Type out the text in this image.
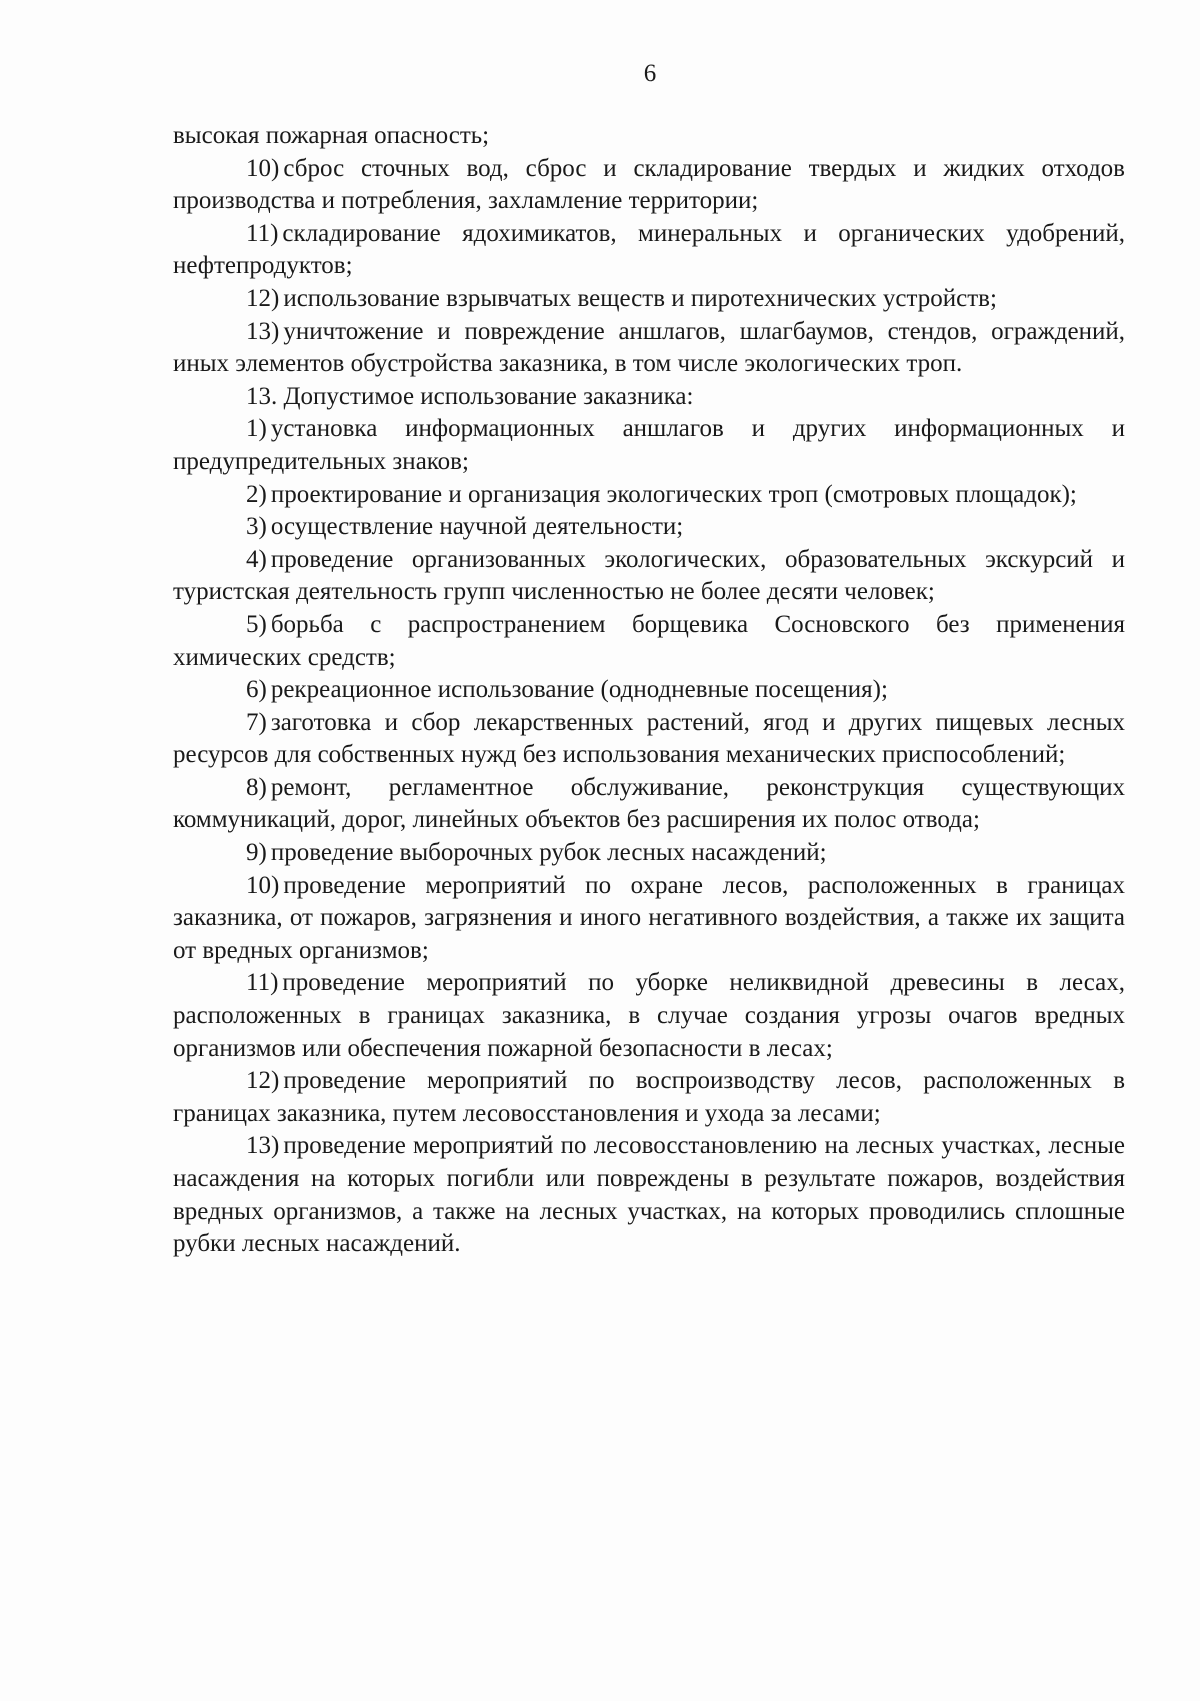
6

высокая пожарная опасность;

10) сброс сточных вод, сброс и складирование твердых и жидких отходов производства и потребления, захламление территории;

11) складирование ядохимикатов, минеральных и органических удобрений, нефтепродуктов;

12) использование взрывчатых веществ и пиротехнических устройств;

13) уничтожение и повреждение аншлагов, шлагбаумов, стендов, ограждений, иных элементов обустройства заказника, в том числе экологических троп.

13. Допустимое использование заказника:

1) установка информационных аншлагов и других информационных и предупредительных знаков;

2) проектирование и организация экологических троп (смотровых площадок);

3) осуществление научной деятельности;

4) проведение организованных экологических, образовательных экскурсий и туристская деятельность групп численностью не более десяти человек;

5) борьба с распространением борщевика Сосновского без применения химических средств;

6) рекреационное использование (однодневные посещения);

7) заготовка и сбор лекарственных растений, ягод и других пищевых лесных ресурсов для собственных нужд без использования механических приспособлений;

8) ремонт, регламентное обслуживание, реконструкция существующих коммуникаций, дорог, линейных объектов без расширения их полос отвода;

9) проведение выборочных рубок лесных насаждений;

10) проведение мероприятий по охране лесов, расположенных в границах заказника, от пожаров, загрязнения и иного негативного воздействия, а также их защита от вредных организмов;

11) проведение мероприятий по уборке неликвидной древесины в лесах, расположенных в границах заказника, в случае создания угрозы очагов вредных организмов или обеспечения пожарной безопасности в лесах;

12) проведение мероприятий по воспроизводству лесов, расположенных в границах заказника, путем лесовосстановления и ухода за лесами;

13) проведение мероприятий по лесовосстановлению на лесных участках, лесные насаждения на которых погибли или повреждены в результате пожаров, воздействия вредных организмов, а также на лесных участках, на которых проводились сплошные рубки лесных насаждений.
